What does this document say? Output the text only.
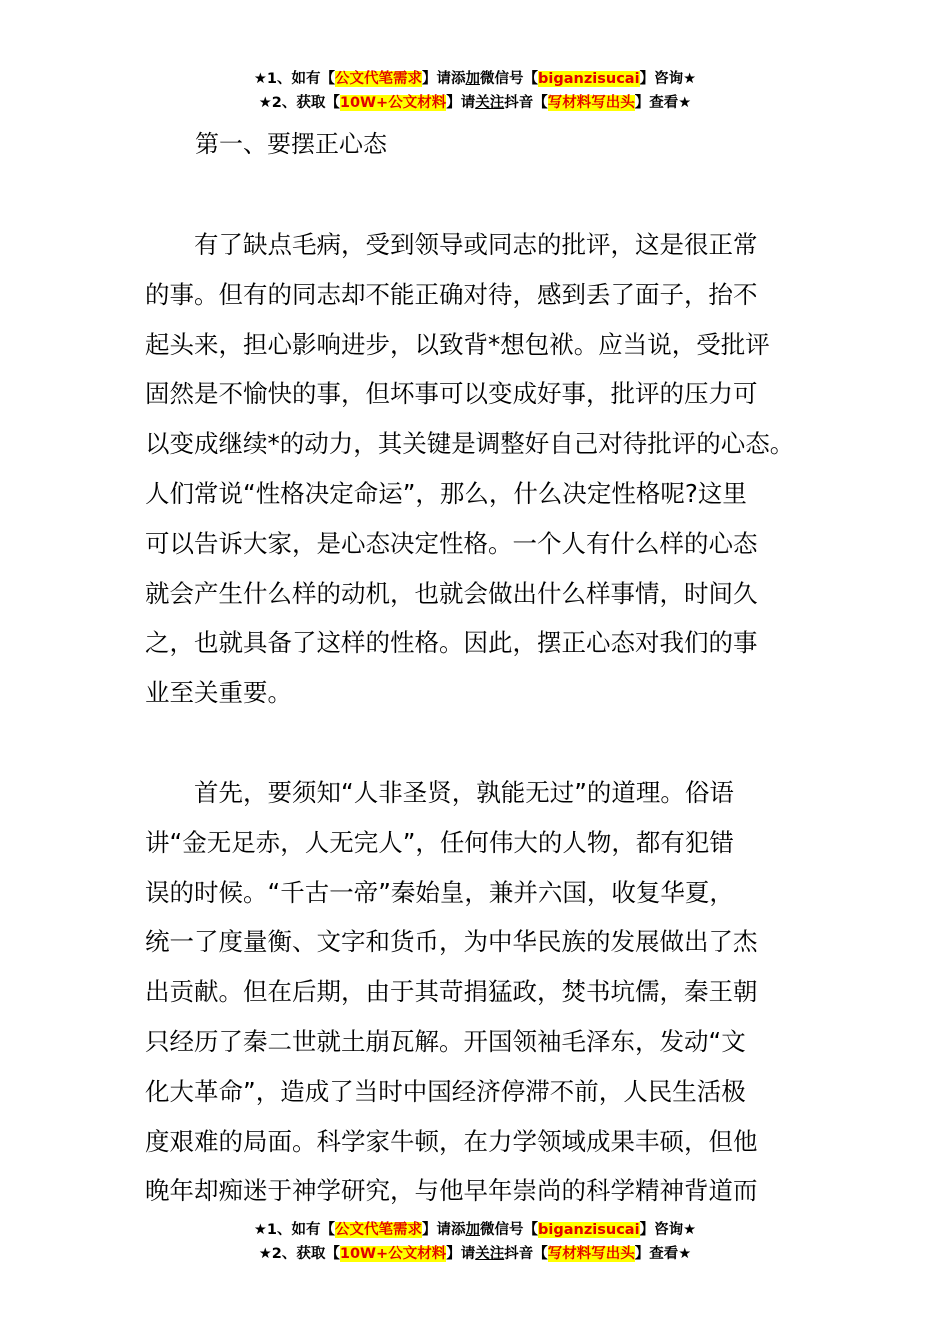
★1、如有【公文代笔需求】请添加微信号【biganzisucai】咨询★
★2、获取【10W+公文材料】请关注抖音【写材料写出头】查看★
第一、要摆正心态
　　有了缺点毛病，受到领导或同志的批评，这是很正常
的事。但有的同志却不能正确对待，感到丢了面子，抬不
起头来，担心影响进步，以致背*想包袱。应当说，受批评
固然是不愉快的事，但坏事可以变成好事，批评的压力可
以变成继续*的动力，其关键是调整好自己对待批评的心态。
人们常说“性格决定命运”，那么，什么决定性格呢?这里
可以告诉大家，是心态决定性格。一个人有什么样的心态
就会产生什么样的动机，也就会做出什么样事情，时间久
之，也就具备了这样的性格。因此，摆正心态对我们的事
业至关重要。
　　首先，要须知“人非圣贤，孰能无过”的道理。俗语
讲“金无足赤，人无完人”，任何伟大的人物，都有犯错
误的时候。“千古一帝”秦始皇，兼并六国，收复华夏，
统一了度量衡、文字和货币，为中华民族的发展做出了杰
出贡献。但在后期，由于其苛捐猛政，焚书坑儒，秦王朝
只经历了秦二世就土崩瓦解。开国领袖毛泽东，发动“文
化大革命”，造成了当时中国经济停滞不前，人民生活极
度艰难的局面。科学家牛顿，在力学领域成果丰硕，但他
晚年却痴迷于神学研究，与他早年崇尚的科学精神背道而
★1、如有【公文代笔需求】请添加微信号【biganzisucai】咨询★
★2、获取【10W+公文材料】请关注抖音【写材料写出头】查看★
